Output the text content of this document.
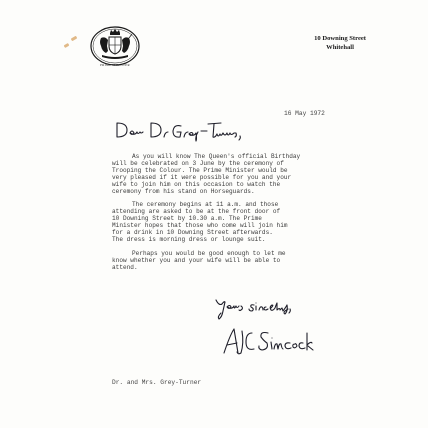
PRIME MINISTER
10 Downing Street
Whitehall
16 May 1972

As you will know The Queen's official Birthday
will be celebrated on 3 June by the ceremony of
Trooping the Colour. The Prime Minister would be
very pleased if it were possible for you and your
wife to join him on this occasion to watch the
ceremony from his stand on Horseguards.

The ceremony begins at 11 a.m. and those
attending are asked to be at the front door of
10 Downing Street by 10.30 a.m. The Prime
Minister hopes that those who come will join him
for a drink in 10 Downing Street afterwards.
The dress is morning dress or lounge suit.

Perhaps you would be good enough to let me
know whether you and your wife will be able to
attend.

Dr. and Mrs. Grey-Turner
